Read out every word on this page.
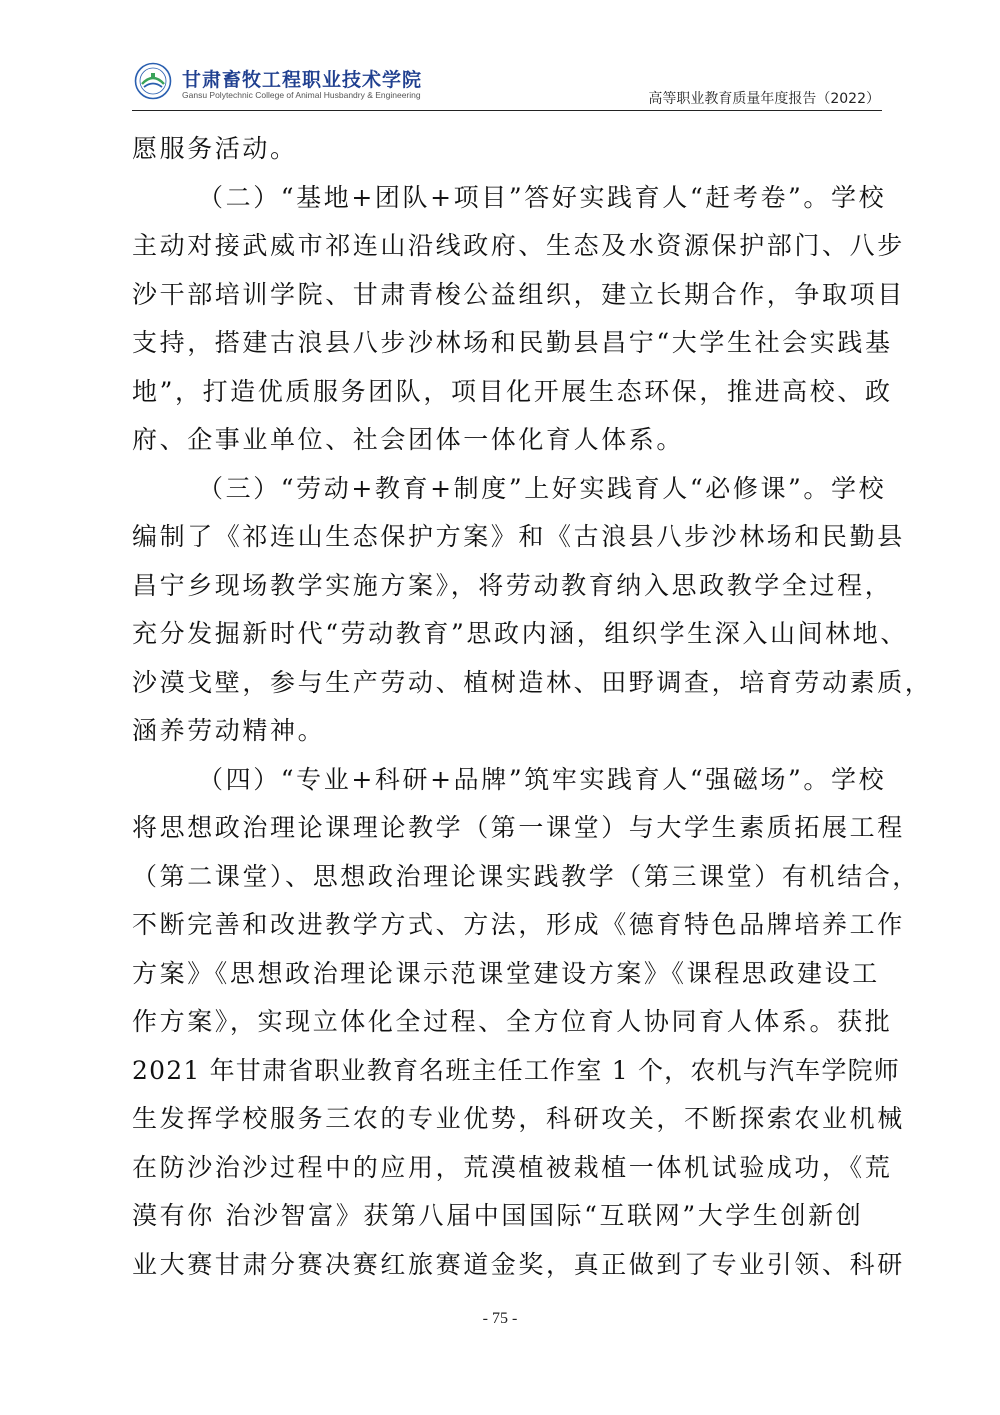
甘肃畜牧工程职业技术学院
Gansu Polytechnic College of Animal Husbandry & Engineering	高等职业教育质量年度报告（2022）
愿服务活动。
（二）“基地+团队+项目”答好实践育人“赶考卷”。学校
主动对接武威市祁连山沿线政府、生态及水资源保护部门、八步
沙干部培训学院、甘肃青梭公益组织，建立长期合作，争取项目
支持，搭建古浪县八步沙林场和民勤县昌宁“大学生社会实践基
地”，打造优质服务团队，项目化开展生态环保，推进高校、政
府、企事业单位、社会团体一体化育人体系。
（三）“劳动+教育+制度”上好实践育人“必修课”。学校
编制了《祁连山生态保护方案》和《古浪县八步沙林场和民勤县
昌宁乡现场教学实施方案》，将劳动教育纳入思政教学全过程，
充分发掘新时代“劳动教育”思政内涵，组织学生深入山间林地、
沙漠戈壁，参与生产劳动、植树造林、田野调查，培育劳动素质，
涵养劳动精神。
（四）“专业+科研+品牌”筑牢实践育人“强磁场”。学校
将思想政治理论课理论教学（第一课堂）与大学生素质拓展工程
（第二课堂）、思想政治理论课实践教学（第三课堂）有机结合，
不断完善和改进教学方式、方法，形成《德育特色品牌培养工作
方案》《思想政治理论课示范课堂建设方案》《课程思政建设工
作方案》，实现立体化全过程、全方位育人协同育人体系。获批
2021 年甘肃省职业教育名班主任工作室 1 个，农机与汽车学院师
生发挥学校服务三农的专业优势，科研攻关，不断探索农业机械
在防沙治沙过程中的应用，荒漠植被栽植一体机试验成功，《荒
漠有你 治沙智富》获第八届中国国际“互联网”大学生创新创
业大赛甘肃分赛决赛红旅赛道金奖，真正做到了专业引领、科研
- 75 -
